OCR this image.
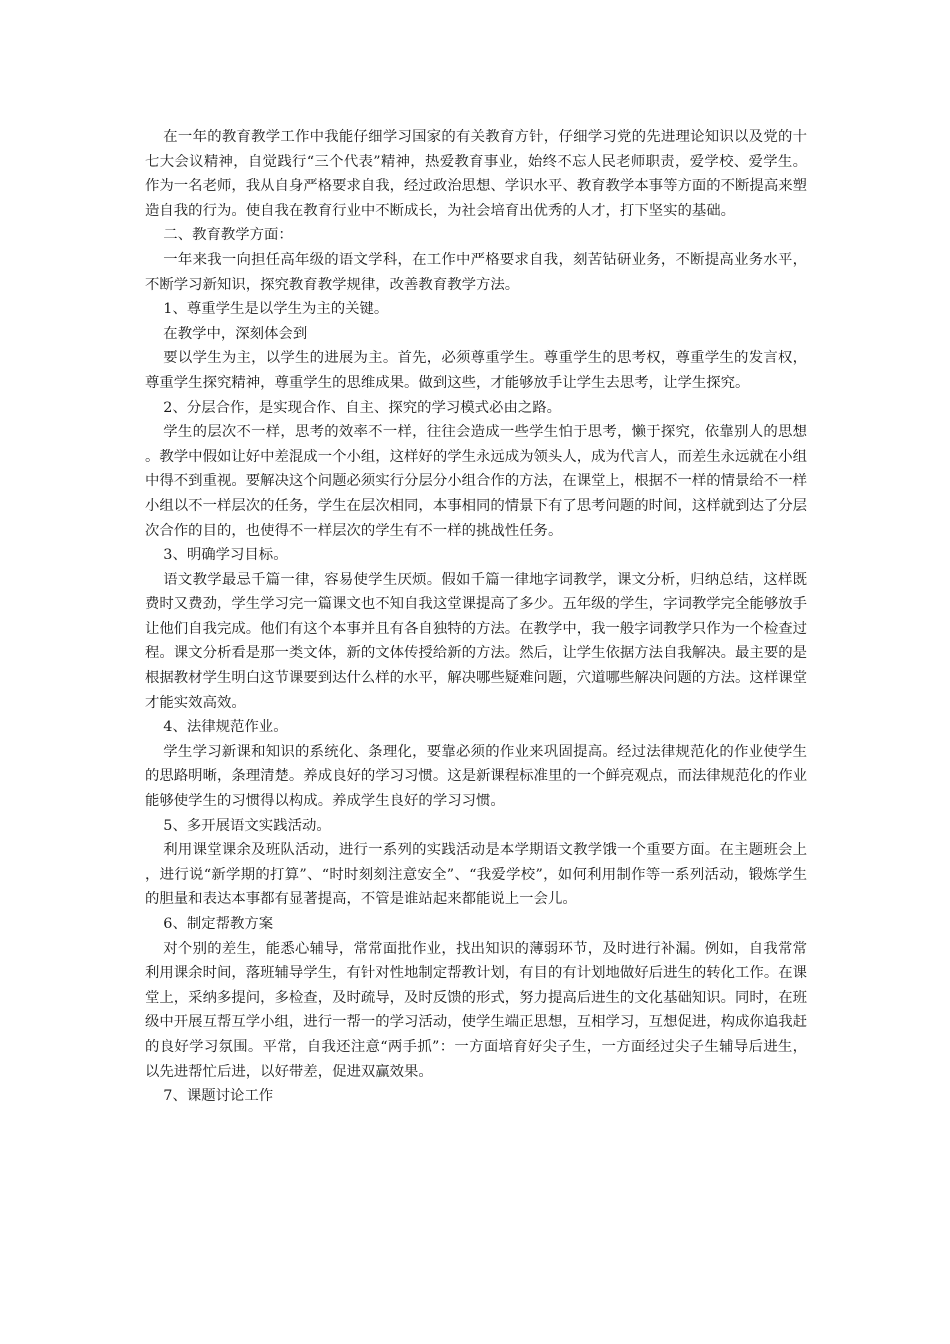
在一年的教育教学工作中我能仔细学习国家的有关教育方针，仔细学习党的先进理论知识以及党的十七大会议精神，自觉践行“三个代表”精神，热爱教育事业，始终不忘人民老师职责，爱学校、爱学生。作为一名老师，我从自身严格要求自我，经过政治思想、学识水平、教育教学本事等方面的不断提高来塑造自我的行为。使自我在教育行业中不断成长，为社会培育出优秀的人才，打下坚实的基础。

二、教育教学方面：

一年来我一向担任高年级的语文学科，在工作中严格要求自我，刻苦钻研业务，不断提高业务水平，不断学习新知识，探究教育教学规律，改善教育教学方法。

1、尊重学生是以学生为主的关键。

在教学中，深刻体会到

要以学生为主，以学生的进展为主。首先，必须尊重学生。尊重学生的思考权，尊重学生的发言权，尊重学生探究精神，尊重学生的思维成果。做到这些，才能够放手让学生去思考，让学生探究。

2、分层合作，是实现合作、自主、探究的学习模式必由之路。

学生的层次不一样，思考的效率不一样，往往会造成一些学生怕于思考，懒于探究，依靠别人的思想。教学中假如让好中差混成一个小组，这样好的学生永远成为领头人，成为代言人，而差生永远就在小组中得不到重视。要解决这个问题必须实行分层分小组合作的方法，在课堂上，根据不一样的情景给不一样小组以不一样层次的任务，学生在层次相同，本事相同的情景下有了思考问题的时间，这样就到达了分层次合作的目的，也使得不一样层次的学生有不一样的挑战性任务。

3、明确学习目标。

语文教学最忌千篇一律，容易使学生厌烦。假如千篇一律地字词教学，课文分析，归纳总结，这样既费时又费劲，学生学习完一篇课文也不知自我这堂课提高了多少。五年级的学生，字词教学完全能够放手让他们自我完成。他们有这个本事并且有各自独特的方法。在教学中，我一般字词教学只作为一个检查过程。课文分析看是那一类文体，新的文体传授给新的方法。然后，让学生依据方法自我解决。最主要的是根据教材学生明白这节课要到达什么样的水平，解决哪些疑难问题，穴道哪些解决问题的方法。这样课堂才能实效高效。

4、法律规范作业。

学生学习新课和知识的系统化、条理化，要靠必须的作业来巩固提高。经过法律规范化的作业使学生的思路明晰，条理清楚。养成良好的学习习惯。这是新课程标准里的一个鲜亮观点，而法律规范化的作业能够使学生的习惯得以构成。养成学生良好的学习习惯。

5、多开展语文实践活动。

利用课堂课余及班队活动，进行一系列的实践活动是本学期语文教学饿一个重要方面。在主题班会上，进行说“新学期的打算”、“时时刻刻注意安全”、“我爱学校”，如何利用制作等一系列活动，锻炼学生的胆量和表达本事都有显著提高，不管是谁站起来都能说上一会儿。

6、制定帮教方案

对个别的差生，能悉心辅导，常常面批作业，找出知识的薄弱环节，及时进行补漏。例如，自我常常利用课余时间，落班辅导学生，有针对性地制定帮教计划，有目的有计划地做好后进生的转化工作。在课堂上，采纳多提问，多检查，及时疏导，及时反馈的形式，努力提高后进生的文化基础知识。同时，在班级中开展互帮互学小组，进行一帮一的学习活动，使学生端正思想，互相学习，互想促进，构成你追我赶的良好学习氛围。平常，自我还注意“两手抓”：一方面培育好尖子生，一方面经过尖子生辅导后进生，以先进帮忙后进，以好带差，促进双赢效果。

7、课题讨论工作
